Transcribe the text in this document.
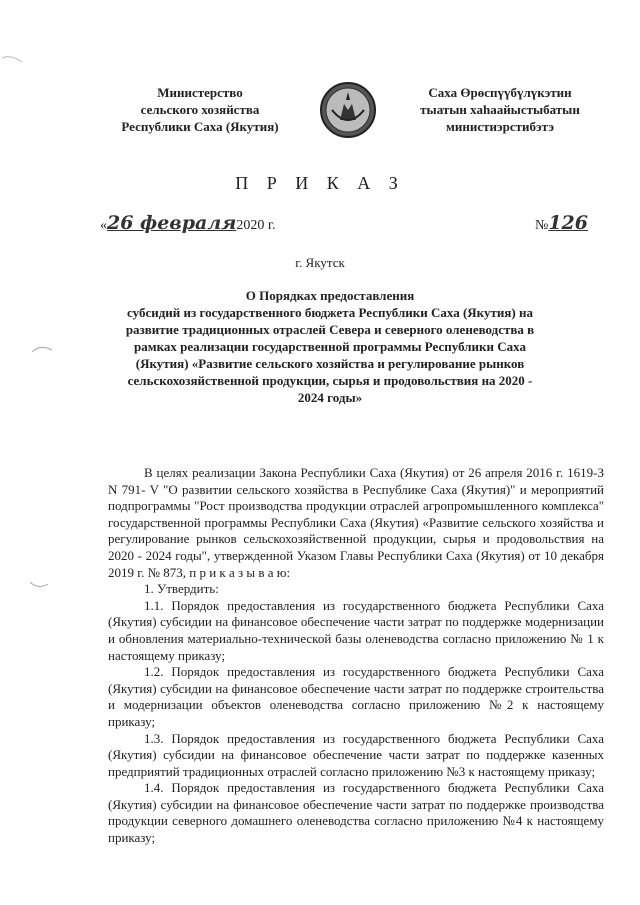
Министерство
сельского хозяйства
Республики Саха (Якутия)
Саха Өрөспүүбүлүкэтин
тыатын хаһаайыстыбатын
министиэрстибэтэ
П Р И К А З
«26 февраля2020 г.	№126
г. Якутск
О Порядках предоставления
субсидий из государственного бюджета Республики Саха (Якутия) на
развитие традиционных отраслей Севера и северного оленеводства в
рамках реализации государственной программы Республики Саха
(Якутия) «Развитие сельского хозяйства и регулирование рынков
сельскохозяйственной продукции, сырья и продовольствия на 2020 -
2024 годы»

В целях реализации Закона Республики Саха (Якутия) от 26 апреля 2016 г. 1619-З N 791- V "О развитии сельского хозяйства в Республике Саха (Якутия)" и мероприятий подпрограммы "Рост производства продукции отраслей агропромышленного комплекса" государственной программы Республики Саха (Якутия) «Развитие сельского хозяйства и регулирование рынков сельскохозяйственной продукции, сырья и продовольствия на 2020 - 2024 годы", утвержденной Указом Главы Республики Саха (Якутия) от 10 декабря 2019 г. № 873, п р и к а з ы в а ю:

1. Утвердить:

1.1. Порядок предоставления из государственного бюджета Республики Саха (Якутия) субсидии на финансовое обеспечение части затрат по поддержке модернизации и обновления материально-технической базы оленеводства согласно приложению № 1 к настоящему приказу;

1.2. Порядок предоставления из государственного бюджета Республики Саха (Якутия) субсидии на финансовое обеспечение части затрат по поддержке строительства и модернизации объектов оленеводства согласно приложению №2 к настоящему приказу;

1.3. Порядок предоставления из государственного бюджета Республики Саха (Якутия) субсидии на финансовое обеспечение части затрат по поддержке казенных предприятий традиционных отраслей согласно приложению №3 к настоящему приказу;

1.4. Порядок предоставления из государственного бюджета Республики Саха (Якутия) субсидии на финансовое обеспечение части затрат по поддержке производства продукции северного домашнего оленеводства согласно приложению №4 к настоящему приказу;
